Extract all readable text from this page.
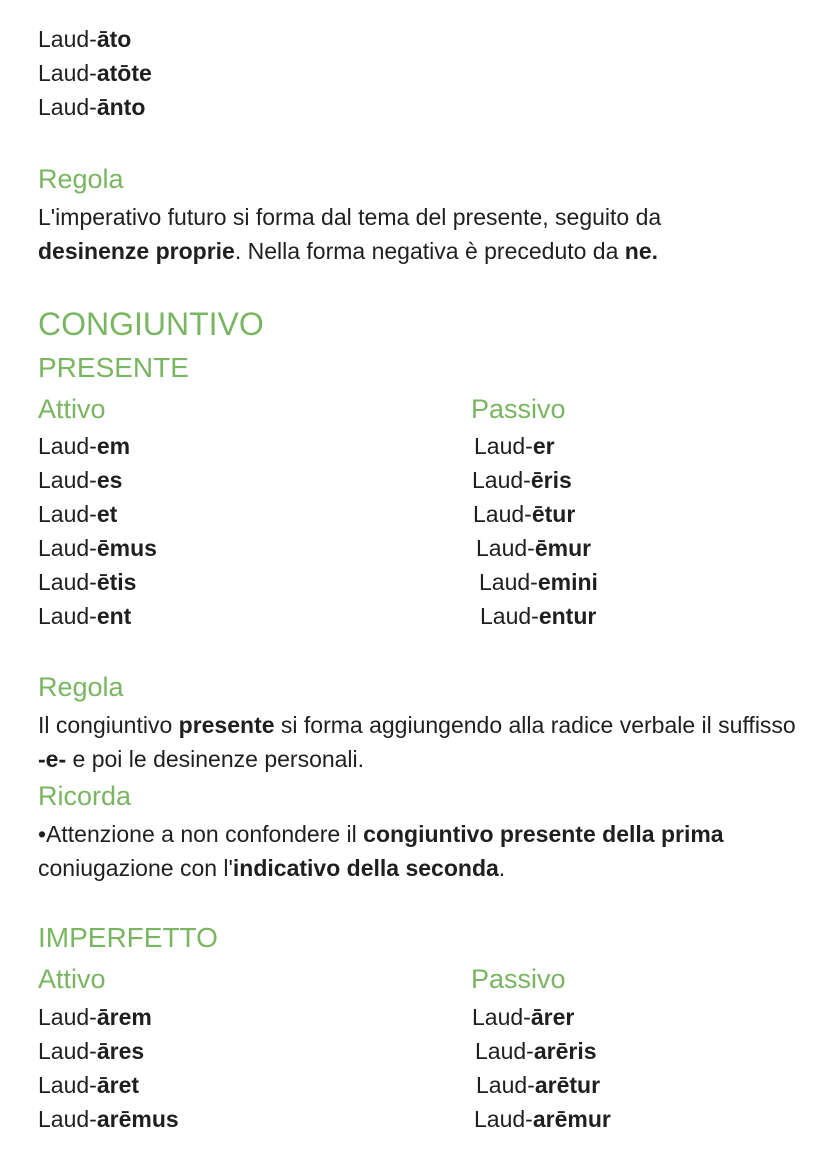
Laud-āto
Laud-atōte
Laud-ānto
Regola
L'imperativo futuro si forma dal tema del presente, seguito da
desinenze proprie. Nella forma negativa è preceduto da ne.
CONGIUNTIVO
PRESENTE
Attivo	Passivo
Laud-em
Laud-es
Laud-et
Laud-ēmus
Laud-ētis
Laud-ent
Laud-er
Laud-ēris
Laud-ētur
Laud-ēmur
Laud-emini
Laud-entur
Regola
Il congiuntivo presente si forma aggiungendo alla radice verbale il suffisso -e- e poi le desinenze personali.
Ricorda
•Attenzione a non confondere il congiuntivo presente della prima coniugazione con l'indicativo della seconda.
IMPERFETTO
Attivo	Passivo
Laud-ārem
Laud-āres
Laud-āret
Laud-arēmus
Laud-ārer
Laud-arēris
Laud-arētur
Laud-arēmur
